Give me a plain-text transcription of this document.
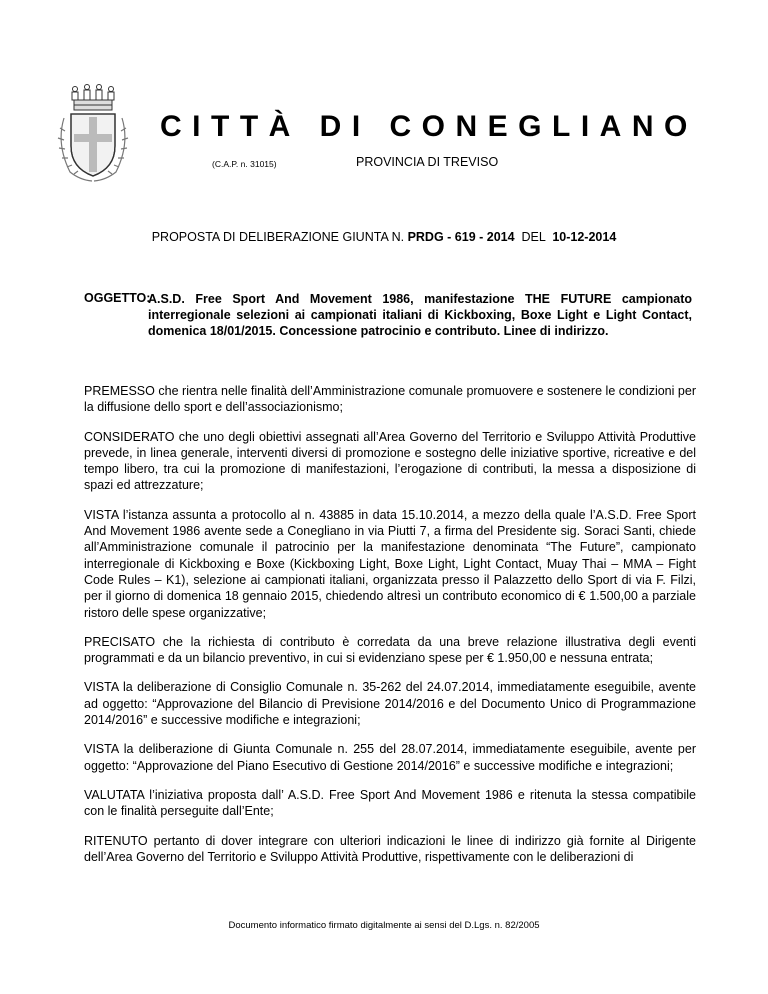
CITTÀ DI CONEGLIANO
(C.A.P. n. 31015)	PROVINCIA DI TREVISO
PROPOSTA DI DELIBERAZIONE GIUNTA N. PRDG - 619 - 2014 DEL 10-12-2014
OGGETTO:
A.S.D. Free Sport And Movement 1986, manifestazione THE FUTURE campionato interregionale selezioni ai campionati italiani di Kickboxing, Boxe Light e Light Contact, domenica 18/01/2015. Concessione patrocinio e contributo. Linee di indirizzo.

PREMESSO che rientra nelle finalità dell’Amministrazione comunale promuovere e sostenere le condizioni per la diffusione dello sport e dell’associazionismo;

CONSIDERATO che uno degli obiettivi assegnati all’Area Governo del Territorio e Sviluppo Attività Produttive prevede, in linea generale, interventi diversi di promozione e sostegno delle iniziative sportive, ricreative e del tempo libero, tra cui la promozione di manifestazioni, l’erogazione di contributi, la messa a disposizione di spazi ed attrezzature;

VISTA l’istanza assunta a protocollo al n. 43885 in data 15.10.2014, a mezzo della quale l’A.S.D. Free Sport And Movement 1986 avente sede a Conegliano in via Piutti 7, a firma del Presidente sig. Soraci Santi, chiede all’Amministrazione comunale il patrocinio per la manifestazione denominata “The Future”, campionato interregionale di Kickboxing e Boxe (Kickboxing Light, Boxe Light, Light Contact, Muay Thai – MMA – Fight Code Rules – K1), selezione ai campionati italiani, organizzata presso il Palazzetto dello Sport di via F. Filzi, per il giorno di domenica 18 gennaio 2015, chiedendo altresì un contributo economico di € 1.500,00 a parziale ristoro delle spese organizzative;

PRECISATO che la richiesta di contributo è corredata da una breve relazione illustrativa degli eventi programmati e da un bilancio preventivo, in cui si evidenziano spese per € 1.950,00 e nessuna entrata;

VISTA la deliberazione di Consiglio Comunale n. 35-262 del 24.07.2014, immediatamente eseguibile, avente ad oggetto: “Approvazione del Bilancio di Previsione 2014/2016 e del Documento Unico di Programmazione 2014/2016” e successive modifiche e integrazioni;

VISTA la deliberazione di Giunta Comunale n. 255 del 28.07.2014, immediatamente eseguibile, avente per oggetto: “Approvazione del Piano Esecutivo di Gestione 2014/2016” e successive modifiche e integrazioni;

VALUTATA l’iniziativa proposta dall’ A.S.D. Free Sport And Movement 1986 e ritenuta la stessa compatibile con le finalità perseguite dall’Ente;

RITENUTO pertanto di dover integrare con ulteriori indicazioni le linee di indirizzo già fornite al Dirigente dell’Area Governo del Territorio e Sviluppo Attività Produttive, rispettivamente con le deliberazioni di

Documento informatico firmato digitalmente ai sensi del D.Lgs. n. 82/2005
